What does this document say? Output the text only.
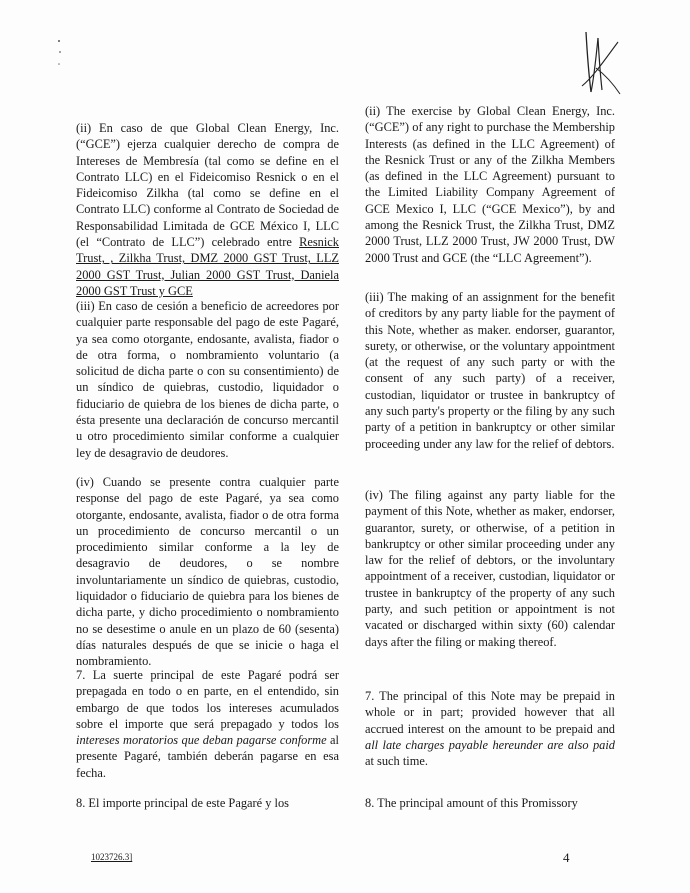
(ii) En caso de que Global Clean Energy, Inc. (“GCE”) ejerza cualquier derecho de compra de Intereses de Membresía (tal como se define en el Contrato LLC) en el Fideicomiso Resnick o en el Fideicomiso Zilkha (tal como se define en el Contrato LLC) conforme al Contrato de Sociedad de Responsabilidad Limitada de GCE México I, LLC (el “Contrato de LLC”) celebrado entre Resnick Trust, , Zilkha Trust, DMZ 2000 GST Trust, LLZ 2000 GST Trust, Julian 2000 GST Trust, Daniela 2000 GST Trust y GCE

(iii) En caso de cesión a beneficio de acreedores por cualquier parte responsable del pago de este Pagaré, ya sea como otorgante, endosante, avalista, fiador o de otra forma, o nombramiento voluntario (a solicitud de dicha parte o con su consentimiento) de un síndico de quiebras, custodio, liquidador o fiduciario de quiebra de los bienes de dicha parte, o ésta presente una declaración de concurso mercantil u otro procedimiento similar conforme a cualquier ley de desagravio de deudores.

(iv) Cuando se presente contra cualquier parte response del pago de este Pagaré, ya sea como otorgante, endosante, avalista, fiador o de otra forma un procedimiento de concurso mercantil o un procedimiento similar conforme a la ley de desagravio de deudores, o se nombre involuntariamente un síndico de quiebras, custodio, liquidador o fiduciario de quiebra para los bienes de dicha parte, y dicho procedimiento o nombramiento no se desestime o anule en un plazo de 60 (sesenta) días naturales después de que se inicie o haga el nombramiento.

7. La suerte principal de este Pagaré podrá ser prepagada en todo o en parte, en el entendido, sin embargo de que todos los intereses acumulados sobre el importe que será prepagado y todos los intereses moratorios que deban pagarse conforme al presente Pagaré, también deberán pagarse en esa fecha.

8. El importe principal de este Pagaré y los

(ii) The exercise by Global Clean Energy, Inc. (“GCE”) of any right to purchase the Membership Interests (as defined in the LLC Agreement) of the Resnick Trust or any of the Zilkha Members (as defined in the LLC Agreement) pursuant to the Limited Liability Company Agreement of GCE Mexico I, LLC (“GCE Mexico”), by and among the Resnick Trust, the Zilkha Trust, DMZ 2000 Trust, LLZ 2000 Trust, JW 2000 Trust, DW 2000 Trust and GCE (the “LLC Agreement”).

(iii) The making of an assignment for the benefit of creditors by any party liable for the payment of this Note, whether as maker. endorser, guarantor, surety, or otherwise, or the voluntary appointment (at the request of any such party or with the consent of any such party) of a receiver, custodian, liquidator or trustee in bankruptcy of any such party's property or the filing by any such party of a petition in bankruptcy or other similar proceeding under any law for the relief of debtors.

(iv) The filing against any party liable for the payment of this Note, whether as maker, endorser, guarantor, surety, or otherwise, of a petition in bankruptcy or other similar proceeding under any law for the relief of debtors, or the involuntary appointment of a receiver, custodian, liquidator or trustee in bankruptcy of the property of any such party, and such petition or appointment is not vacated or discharged within sixty (60) calendar days after the filing or making thereof.

7. The principal of this Note may be prepaid in whole or in part; provided however that all accrued interest on the amount to be prepaid and all late charges payable hereunder are also paid at such time.

8. The principal amount of this Promissory

1023726.3]	4
